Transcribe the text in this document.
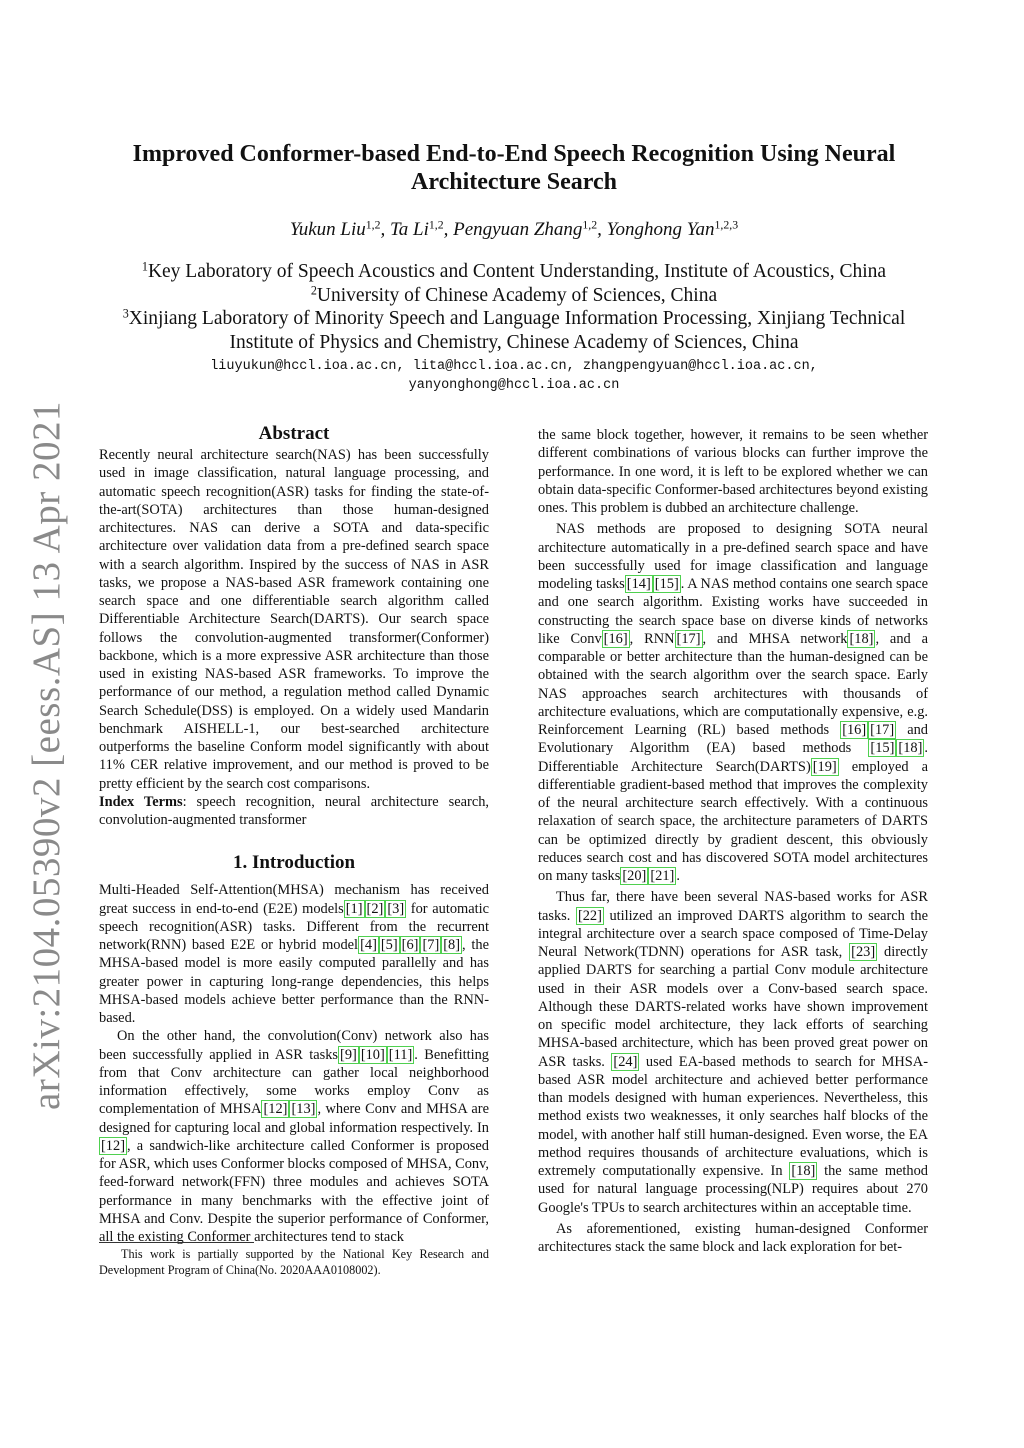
arXiv:2104.05390v2 [eess.AS] 13 Apr 2021
Improved Conformer-based End-to-End Speech Recognition Using Neural Architecture Search
Yukun Liu$^{1,2}$, Ta Li$^{1,2}$, Pengyuan Zhang$^{1,2}$, Yonghong Yan$^{1,2,3}$
$^1$Key Laboratory of Speech Acoustics and Content Understanding, Institute of Acoustics, China
$^2$University of Chinese Academy of Sciences, China
$^3$Xinjiang Laboratory of Minority Speech and Language Information Processing, Xinjiang Technical
Institute of Physics and Chemistry, Chinese Academy of Sciences, China
liuyukun@hccl.ioa.ac.cn, lita@hccl.ioa.ac.cn, zhangpengyuan@hccl.ioa.ac.cn,
yanyonghong@hccl.ioa.ac.cn
Abstract

Recently neural architecture search(NAS) has been successfully used in image classification, natural language processing, and automatic speech recognition(ASR) tasks for finding the state-of-the-art(SOTA) architectures than those human-designed architectures. NAS can derive a SOTA and data-specific architecture over validation data from a pre-defined search space with a search algorithm. Inspired by the success of NAS in ASR tasks, we propose a NAS-based ASR framework containing one search space and one differentiable search algorithm called Differentiable Architecture Search(DARTS). Our search space follows the convolution-augmented transformer(Conformer) backbone, which is a more expressive ASR architecture than those used in existing NAS-based ASR frameworks. To improve the performance of our method, a regulation method called Dynamic Search Schedule(DSS) is employed. On a widely used Mandarin benchmark AISHELL-1, our best-searched architecture outperforms the baseline Conform model significantly with about 11% CER relative improvement, and our method is proved to be pretty efficient by the search cost comparisons.

Index Terms: speech recognition, neural architecture search, convolution-augmented transformer

1. Introduction

Multi-Headed Self-Attention(MHSA) mechanism has received great success in end-to-end (E2E) models [ 1 ] [ 2 ] [ 3 ] for automatic speech recognition(ASR) tasks. Different from the recurrent network(RNN) based E2E or hybrid model [ 4 ] [ 5 ] [ 6 ] [ 7 ] [ 8 ] , the MHSA-based model is more easily computed parallelly and has greater power in capturing long-range dependencies, this helps MHSA-based models achieve better performance than the RNN-based.

On the other hand, the convolution(Conv) network also has been successfully applied in ASR tasks [ 9 ] [ 10 ] [ 11 ] . Benefitting from that Conv architecture can gather local neighborhood information effectively, some works employ Conv as complementation of MHSA [ 12 ] [ 13 ] , where Conv and MHSA are designed for capturing local and global information respectively. In [ 12 ] , a sandwich-like architecture called Conformer is proposed for ASR, which uses Conformer blocks composed of MHSA, Conv, feed-forward network(FFN) three modules and achieves SOTA performance in many benchmarks with the effective joint of MHSA and Conv. Despite the superior performance of Conformer, all the existing Conformer architectures tend to stack

This work is partially supported by the National Key Research and Development Program of China(No. 2020AAA0108002).

the same block together, however, it remains to be seen whether different combinations of various blocks can further improve the performance. In one word, it is left to be explored whether we can obtain data-specific Conformer-based architectures beyond existing ones. This problem is dubbed an architecture challenge.

NAS methods are proposed to designing SOTA neural architecture automatically in a pre-defined search space and have been successfully used for image classification and language modeling tasks [ 14 ] [ 15 ] . A NAS method contains one search space and one search algorithm. Existing works have succeeded in constructing the search space base on diverse kinds of networks like Conv [ 16 ] , RNN [ 17 ] , and MHSA network [ 18 ] , and a comparable or better architecture than the human-designed can be obtained with the search algorithm over the search space. Early NAS approaches search architectures with thousands of architecture evaluations, which are computationally expensive, e.g. Reinforcement Learning (RL) based methods [ 16 ] [ 17 ] and Evolutionary Algorithm (EA) based methods [ 15 ] [ 18 ] . Differentiable Architecture Search(DARTS) [ 19 ] employed a differentiable gradient-based method that improves the complexity of the neural architecture search effectively. With a continuous relaxation of search space, the architecture parameters of DARTS can be optimized directly by gradient descent, this obviously reduces search cost and has discovered SOTA model architectures on many tasks [ 20 ] [ 21 ] .

Thus far, there have been several NAS-based works for ASR tasks. [ 22 ] utilized an improved DARTS algorithm to search the integral architecture over a search space composed of Time-Delay Neural Network(TDNN) operations for ASR task, [ 23 ] directly applied DARTS for searching a partial Conv module architecture used in their ASR models over a Conv-based search space. Although these DARTS-related works have shown improvement on specific model architecture, they lack efforts of searching MHSA-based architecture, which has been proved great power on ASR tasks. [ 24 ] used EA-based methods to search for MHSA-based ASR model architecture and achieved better performance than models designed with human experiences. Nevertheless, this method exists two weaknesses, it only searches half blocks of the model, with another half still human-designed. Even worse, the EA method requires thousands of architecture evaluations, which is extremely computationally expensive. In [ 18 ] the same method used for natural language processing(NLP) requires about 270 Google's TPUs to search architectures within an acceptable time.

As aforementioned, existing human-designed Conformer architectures stack the same block and lack exploration for bet-
